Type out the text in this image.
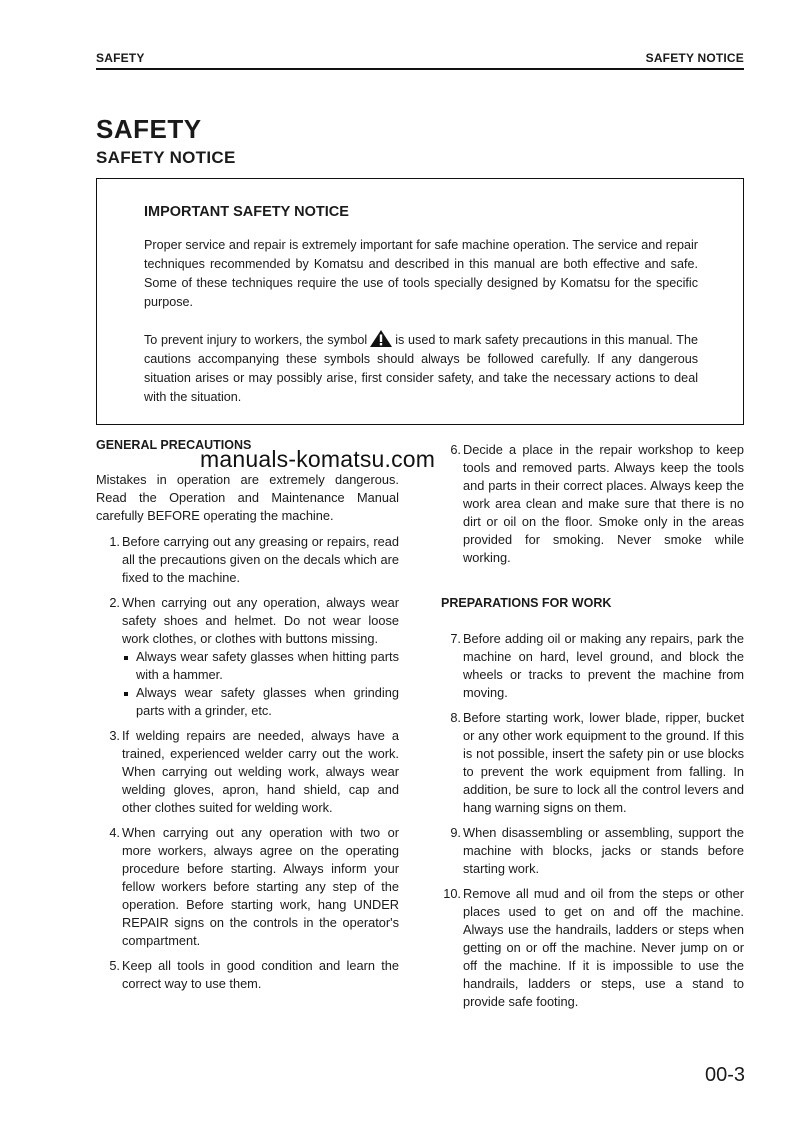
SAFETY	SAFETY NOTICE
SAFETY
SAFETY NOTICE
IMPORTANT SAFETY NOTICE

Proper service and repair is extremely important for safe machine operation. The service and repair techniques recommended by Komatsu and described in this manual are both effective and safe. Some of these techniques require the use of tools specially designed by Komatsu for the specific purpose.

To prevent injury to workers, the symbol is used to mark safety precautions in this manual. The cautions accompanying these symbols should always be followed carefully. If any dangerous situation arises or may possibly arise, first consider safety, and take the necessary actions to deal with the situation.

GENERAL PRECAUTIONS
manuals-komatsu.com

Mistakes in operation are extremely dangerous. Read the Operation and Maintenance Manual carefully BEFORE operating the machine.

1. Before carrying out any greasing or repairs, read all the precautions given on the decals which are fixed to the machine.
2. When carrying out any operation, always wear safety shoes and helmet. Do not wear loose work clothes, or clothes with buttons missing.
Always wear safety glasses when hitting parts with a hammer.
Always wear safety glasses when grinding parts with a grinder, etc.
3. If welding repairs are needed, always have a trained, experienced welder carry out the work. When carrying out welding work, always wear welding gloves, apron, hand shield, cap and other clothes suited for welding work.
4. When carrying out any operation with two or more workers, always agree on the operating procedure before starting. Always inform your fellow workers before starting any step of the operation. Before starting work, hang UNDER REPAIR signs on the controls in the operator's compartment.
5. Keep all tools in good condition and learn the correct way to use them.
6. Decide a place in the repair workshop to keep tools and removed parts. Always keep the tools and parts in their correct places. Always keep the work area clean and make sure that there is no dirt or oil on the floor. Smoke only in the areas provided for smoking. Never smoke while working.
PREPARATIONS FOR WORK
7. Before adding oil or making any repairs, park the machine on hard, level ground, and block the wheels or tracks to prevent the machine from moving.
8. Before starting work, lower blade, ripper, bucket or any other work equipment to the ground. If this is not possible, insert the safety pin or use blocks to prevent the work equipment from falling. In addition, be sure to lock all the control levers and hang warning signs on them.
9. When disassembling or assembling, support the machine with blocks, jacks or stands before starting work.
10. Remove all mud and oil from the steps or other places used to get on and off the machine. Always use the handrails, ladders or steps when getting on or off the machine. Never jump on or off the machine. If it is impossible to use the handrails, ladders or steps, use a stand to provide safe footing.
00-3
